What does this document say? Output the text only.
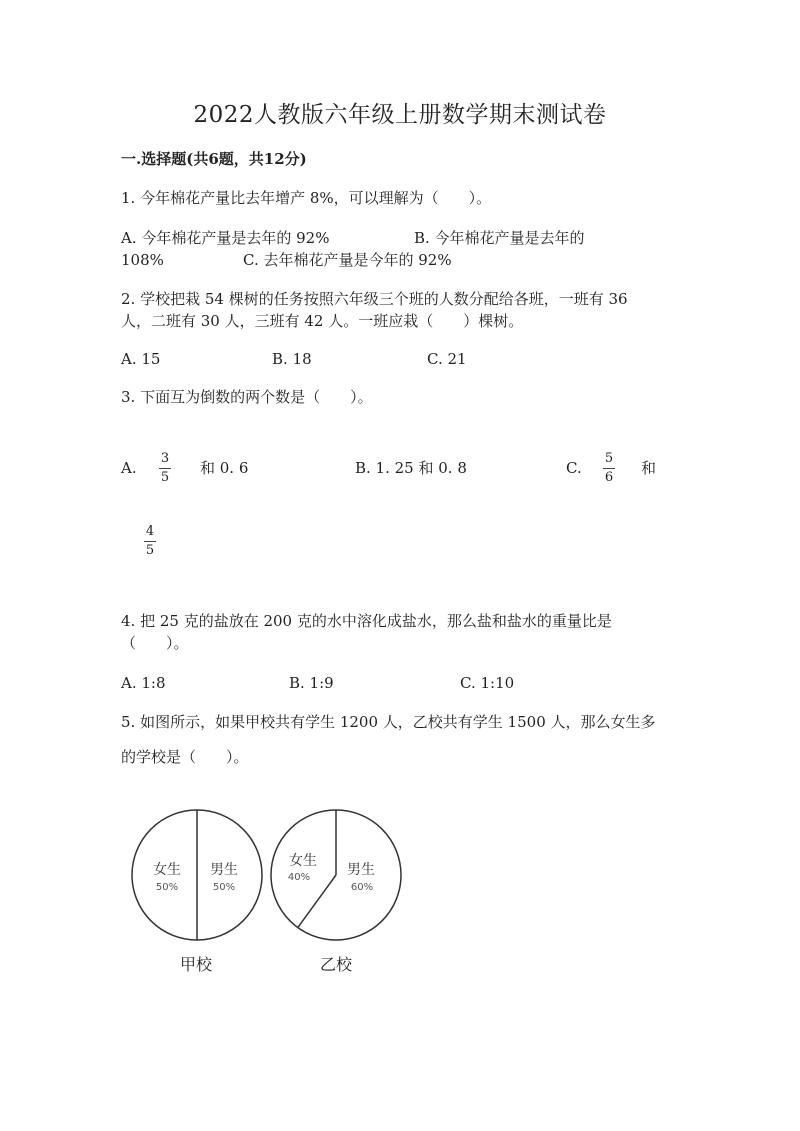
2022人教版六年级上册数学期末测试卷
一.选择题(共6题，共12分)
1. 今年棉花产量比去年增产 8%，可以理解为（　　）。
A. 今年棉花产量是去年的 92%	B. 今年棉花产量是去年的
108%	C. 去年棉花产量是今年的 92%
2. 学校把栽 54 棵树的任务按照六年级三个班的人数分配给各班，一班有 36
人，二班有 30 人，三班有 42 人。一班应栽（　　）棵树。
A. 15	B. 18	C. 21
3. 下面互为倒数的两个数是（　　）。
A.
3
5
和 0. 6	B. 1. 25 和 0. 8	C.
5
6
和
4
5
4. 把 25 克的盐放在 200 克的水中溶化成盐水，那么盐和盐水的重量比是
（　　）。
A. 1:8	B. 1:9	C. 1:10
5. 如图所示，如果甲校共有学生 1200 人，乙校共有学生 1500 人，那么女生多
的学校是（　　）。
女生
50%
男生
50%
甲校
女生
40%	男生
60%
乙校
